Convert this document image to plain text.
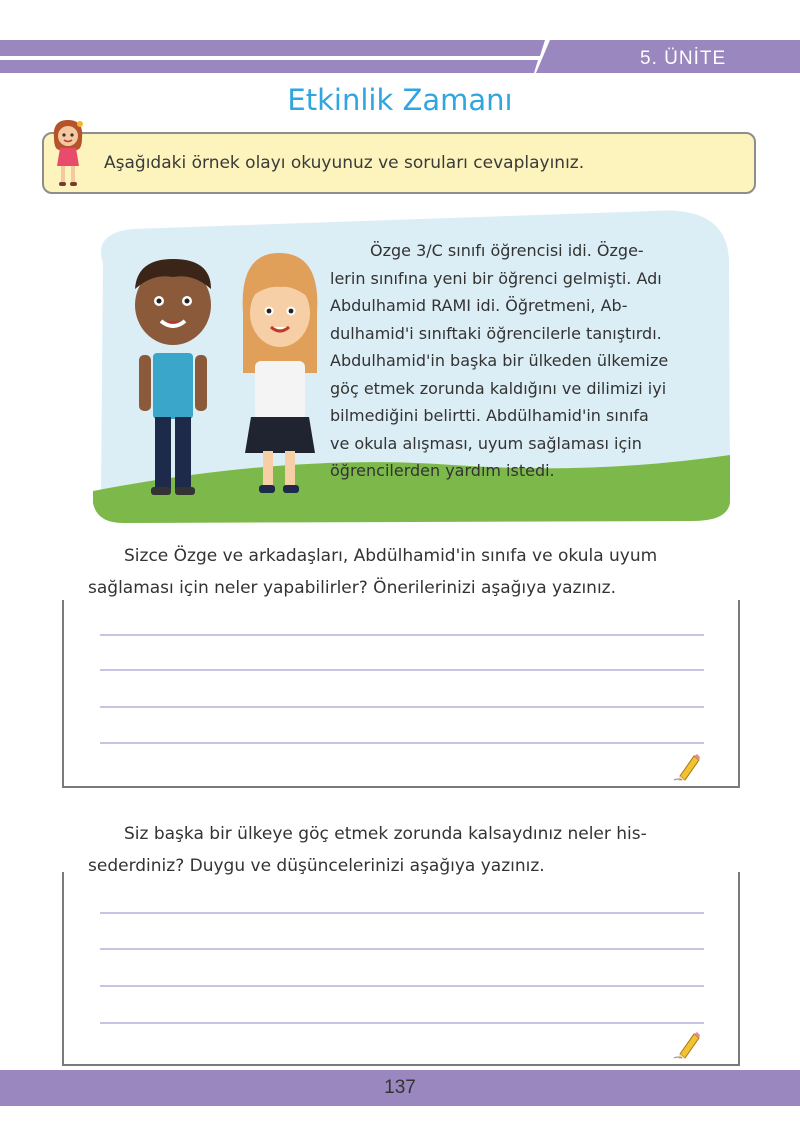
5. ÜNİTE
Etkinlik Zamanı
Aşağıdaki örnek olayı okuyunuz ve soruları cevaplayınız.
Özge 3/C sınıfı öğrencisi idi. Özge-
lerin sınıfına yeni bir öğrenci gelmişti. Adı
Abdulhamid RAMI idi. Öğretmeni, Ab-
dulhamid'i sınıftaki öğrencilerle tanıştırdı.
Abdulhamid'in başka bir ülkeden ülkemize
göç etmek zorunda kaldığını ve dilimizi iyi
bilmediğini belirtti. Abdülhamid'in sınıfa
ve okula alışması, uyum sağlaması için
öğrencilerden yardım istedi.
Sizce Özge ve arkadaşları, Abdülhamid'in sınıfa ve okula uyum
sağlaması için neler yapabilirler? Önerilerinizi aşağıya yazınız.
Siz başka bir ülkeye göç etmek zorunda kalsaydınız neler his-
sederdiniz? Duygu ve düşüncelerinizi aşağıya yazınız.
137
